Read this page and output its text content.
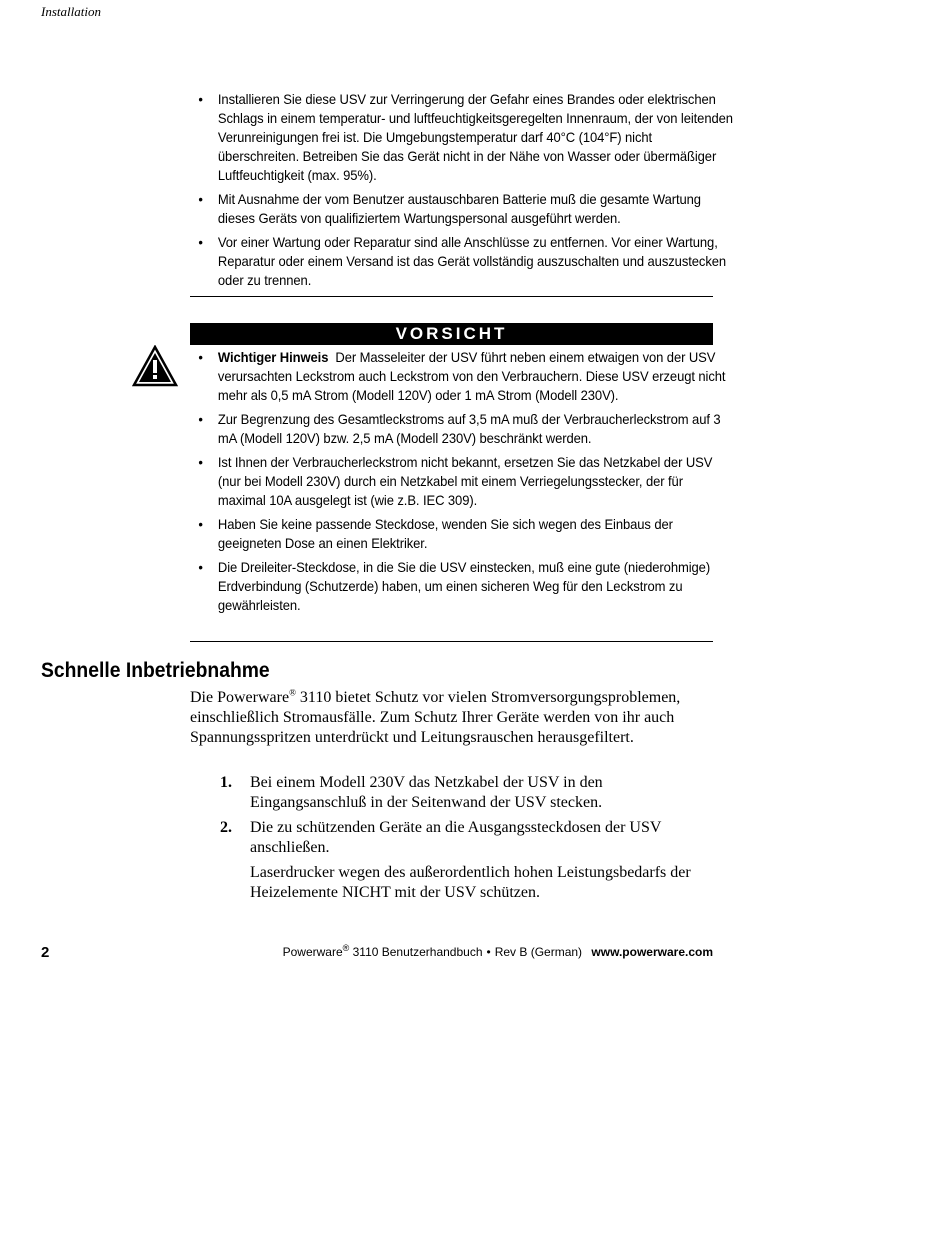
Installation
• Installieren Sie diese USV zur Verringerung der Gefahr eines Brandes oder elektrischen Schlags in einem temperatur- und luftfeuchtigkeitsgeregelten Innenraum, der von leitenden Verunreinigungen frei ist. Die Umgebungstemperatur darf 40°C (104°F) nicht überschreiten. Betreiben Sie das Gerät nicht in der Nähe von Wasser oder übermäßiger Luftfeuchtigkeit (max. 95%).
• Mit Ausnahme der vom Benutzer austauschbaren Batterie muß die gesamte Wartung dieses Geräts von qualifiziertem Wartungspersonal ausgeführt werden.
• Vor einer Wartung oder Reparatur sind alle Anschlüsse zu entfernen. Vor einer Wartung, Reparatur oder einem Versand ist das Gerät vollständig auszuschalten und auszustecken oder zu trennen.
VORSICHT
• Wichtiger Hinweis Der Masseleiter der USV führt neben einem etwaigen von der USV verursachten Leckstrom auch Leckstrom von den Verbrauchern. Diese USV erzeugt nicht mehr als 0,5 mA Strom (Modell 120V) oder 1 mA Strom (Modell 230V).
• Zur Begrenzung des Gesamtleckstroms auf 3,5 mA muß der Verbraucherleckstrom auf 3 mA (Modell 120V) bzw. 2,5 mA (Modell 230V) beschränkt werden.
• Ist Ihnen der Verbraucherleckstrom nicht bekannt, ersetzen Sie das Netzkabel der USV (nur bei Modell 230V) durch ein Netzkabel mit einem Verriegelungsstecker, der für maximal 10A ausgelegt ist (wie z.B. IEC 309).
• Haben Sie keine passende Steckdose, wenden Sie sich wegen des Einbaus der geeigneten Dose an einen Elektriker.
• Die Dreileiter-Steckdose, in die Sie die USV einstecken, muß eine gute (niederohmige) Erdverbindung (Schutzerde) haben, um einen sicheren Weg für den Leckstrom zu gewährleisten.
Schnelle Inbetriebnahme
Die Powerware® 3110 bietet Schutz vor vielen Stromversorgungsproblemen, einschließlich Stromausfälle. Zum Schutz Ihrer Geräte werden von ihr auch Spannungsspritzen unterdrückt und Leitungsrauschen herausgefiltert.
1. Bei einem Modell 230V das Netzkabel der USV in den Eingangsanschluß in der Seitenwand der USV stecken.
2. Die zu schützenden Geräte an die Ausgangssteckdosen der USV anschließen.
Laserdrucker wegen des außerordentlich hohen Leistungsbedarfs der Heizelemente NICHT mit der USV schützen.
2	Powerware® 3110 Benutzerhandbuch • Rev B (German) www.powerware.com
